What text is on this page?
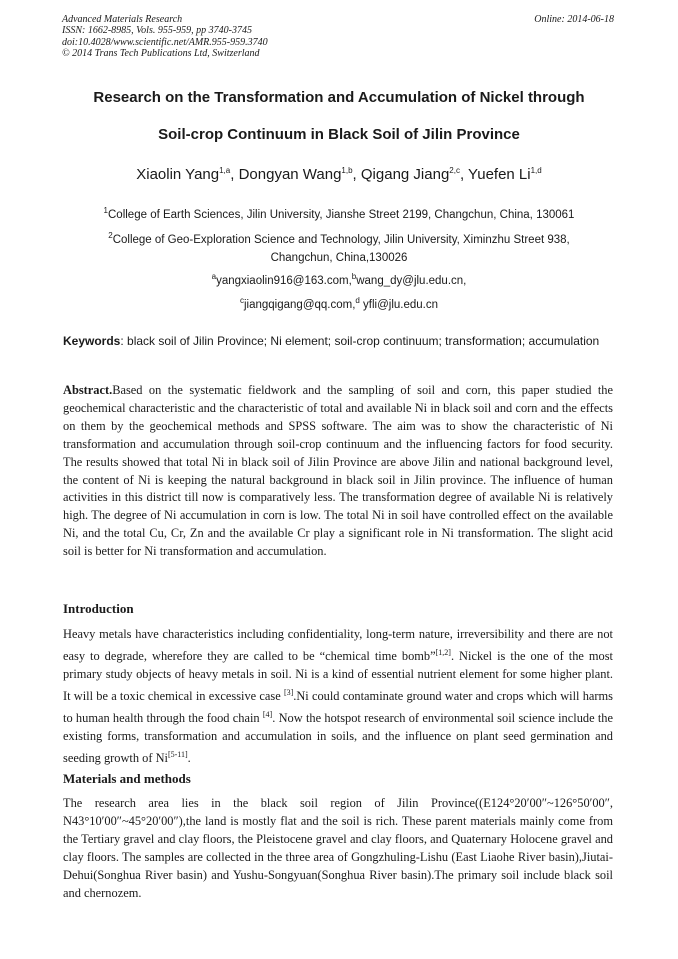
Advanced Materials Research
ISSN: 1662-8985, Vols. 955-959, pp 3740-3745
doi:10.4028/www.scientific.net/AMR.955-959.3740
© 2014 Trans Tech Publications Ltd, Switzerland
Online: 2014-06-18
Research on the Transformation and Accumulation of Nickel through
Soil-crop Continuum in Black Soil of Jilin Province
Xiaolin Yang$^{1,a}$, Dongyan Wang$^{1,b}$, Qigang Jiang$^{2,c}$, Yuefen Li$^{1,d}$
$^1$College of Earth Sciences, Jilin University, Jianshe Street 2199, Changchun, China, 130061
$^2$College of Geo-Exploration Science and Technology, Jilin University, Ximinzhu Street 938,
Changchun, China,130026
$^a$yangxiaolin916@163.com,$^b$wang_dy@jlu.edu.cn,
$^c$jiangqigang@qq.com,$^d$ yfli@jlu.edu.cn
Keywords: black soil of Jilin Province; Ni element; soil-crop continuum; transformation; accumulation
Abstract.Based on the systematic fieldwork and the sampling of soil and corn, this paper studied the geochemical characteristic and the characteristic of total and available Ni in black soil and corn and the effects on them by the geochemical methods and SPSS software. The aim was to show the characteristic of Ni transformation and accumulation through soil-crop continuum and the influencing factors for food security. The results showed that total Ni in black soil of Jilin Province are above Jilin and national background level, the content of Ni is keeping the natural background in black soil in Jilin province. The influence of human activities in this district till now is comparatively less. The transformation degree of available Ni is relatively high. The degree of Ni accumulation in corn is low. The total Ni in soil have controlled effect on the available Ni, and the total Cu, Cr, Zn and the available Cr play a significant role in Ni transformation. The slight acid soil is better for Ni transformation and accumulation.
Introduction
Heavy metals have characteristics including confidentiality, long-term nature, irreversibility and there are not easy to degrade, wherefore they are called to be “chemical time bomb”[1,2]. Nickel is the one of the most primary study objects of heavy metals in soil. Ni is a kind of essential nutrient element for some higher plant. It will be a toxic chemical in excessive case [3].Ni could contaminate ground water and crops which will harms to human health through the food chain [4]. Now the hotspot research of environmental soil science include the existing forms, transformation and accumulation in soils, and the influence on plant seed germination and seeding growth of Ni[5-11].
Materials and methods
The research area lies in the black soil region of Jilin Province((E124°20′00″~126°50′00″, N43°10′00″~45°20′00″),the land is mostly flat and the soil is rich. These parent materials mainly come from the Tertiary gravel and clay floors, the Pleistocene gravel and clay floors, and Quaternary Holocene gravel and clay floors. The samples are collected in the three area of Gongzhuling-Lishu (East Liaohe River basin),Jiutai-Dehui(Songhua River basin) and Yushu-Songyuan(Songhua River basin).The primary soil include black soil and chernozem.
